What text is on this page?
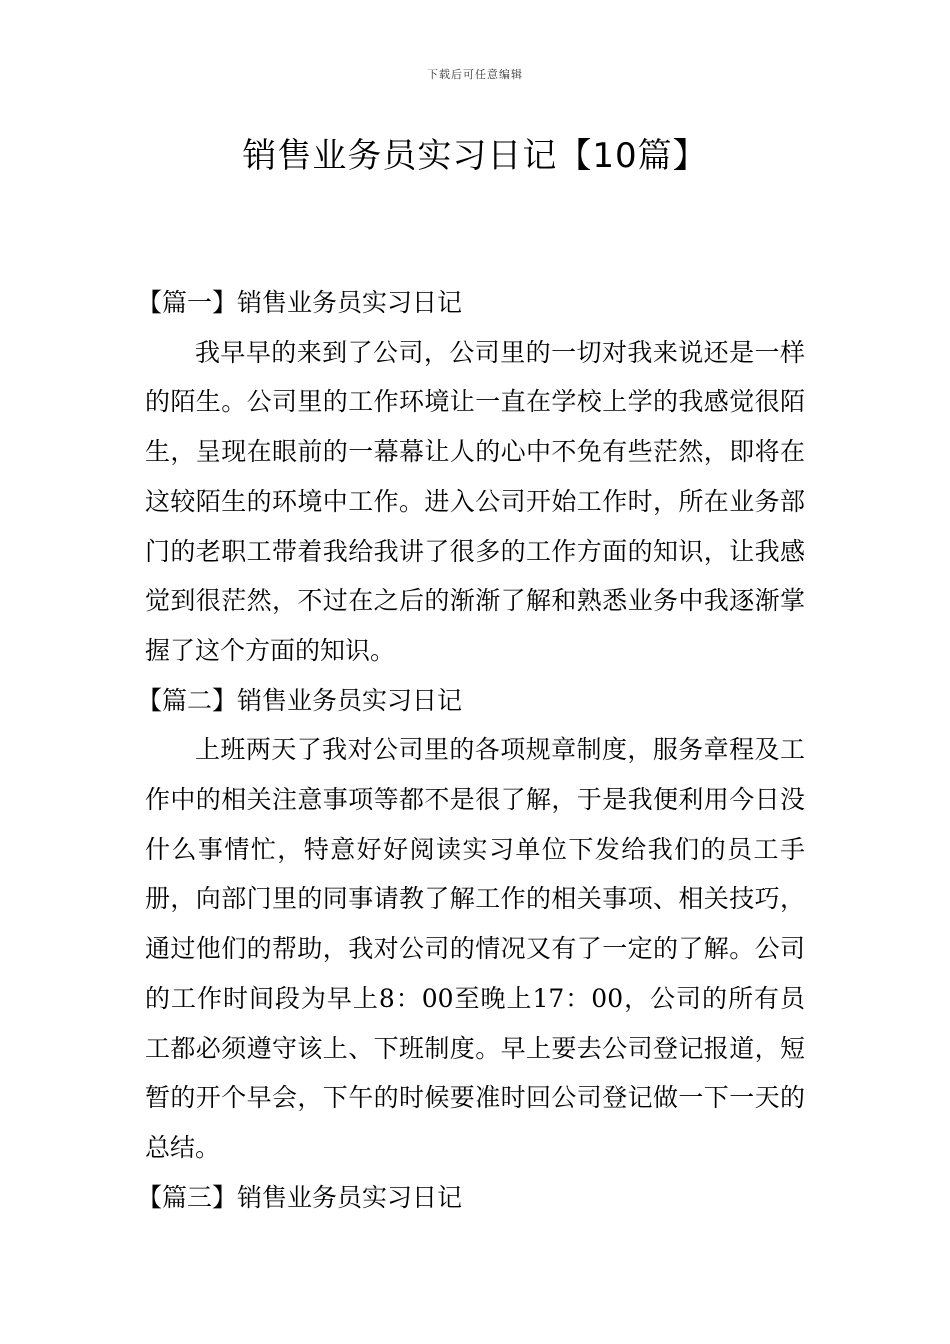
下载后可任意编辑
销售业务员实习日记【10篇】
【篇一】销售业务员实习日记

我早早的来到了公司，公司里的一切对我来说还是一样的陌生。公司里的工作环境让一直在学校上学的我感觉很陌生，呈现在眼前的一幕幕让人的心中不免有些茫然，即将在这较陌生的环境中工作。进入公司开始工作时，所在业务部门的老职工带着我给我讲了很多的工作方面的知识，让我感觉到很茫然，不过在之后的渐渐了解和熟悉业务中我逐渐掌握了这个方面的知识。

【篇二】销售业务员实习日记

上班两天了我对公司里的各项规章制度，服务章程及工作中的相关注意事项等都不是很了解，于是我便利用今日没什么事情忙，特意好好阅读实习单位下发给我们的员工手册，向部门里的同事请教了解工作的相关事项、相关技巧，通过他们的帮助，我对公司的情况又有了一定的了解。公司的工作时间段为早上8：00至晚上17：00，公司的所有员工都必须遵守该上、下班制度。早上要去公司登记报道，短暂的开个早会，下午的时候要准时回公司登记做一下一天的总结。

【篇三】销售业务员实习日记
